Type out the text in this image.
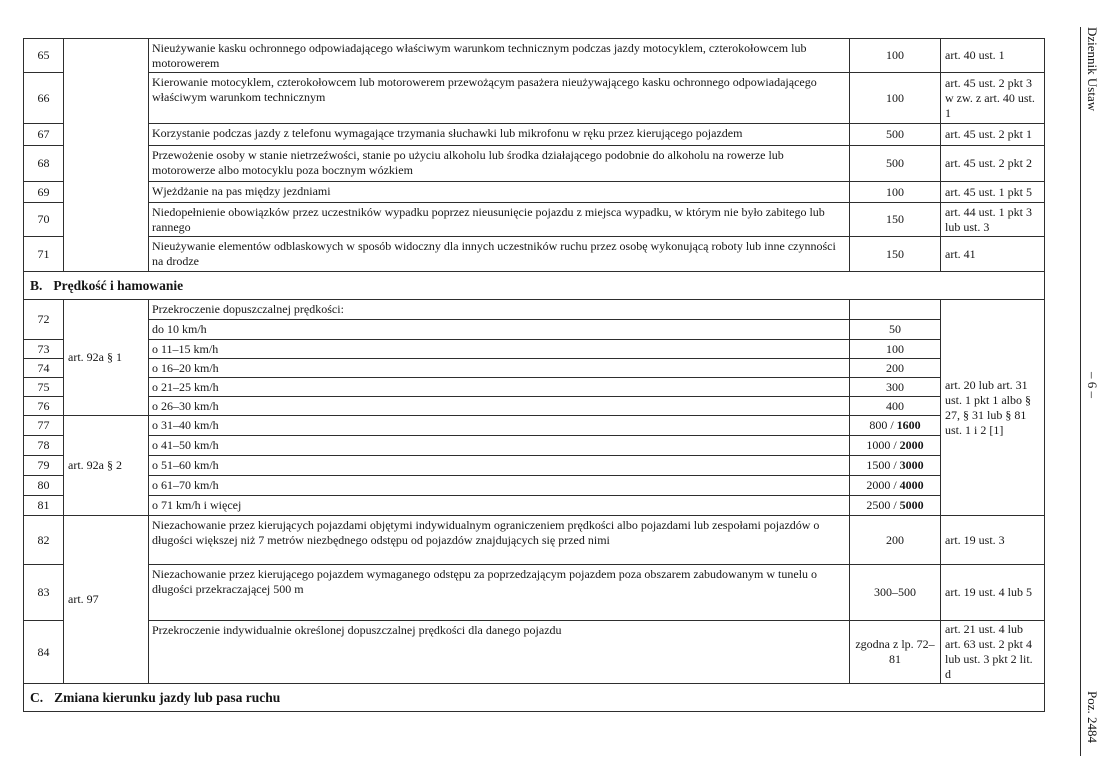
Dziennik Ustaw
– 6 –
Poz. 2484
65		Nieużywanie kasku ochronnego odpowiadającego właściwym warunkom technicznym podczas jazdy motocyklem, czterokołowcem lub motorowerem	100	art. 40 ust. 1
66		Kierowanie motocyklem, czterokołowcem lub motorowerem przewożącym pasażera nieużywającego kasku ochronnego odpowiadającego właściwym warunkom technicznym	100	art. 45 ust. 2 pkt 3 w zw. z art. 40 ust. 1
67		Korzystanie podczas jazdy z telefonu wymagające trzymania słuchawki lub mikrofonu w ręku przez kierującego pojazdem	500	art. 45 ust. 2 pkt 1
68		Przewożenie osoby w stanie nietrzeźwości, stanie po użyciu alkoholu lub środka działającego podobnie do alkoholu na rowerze lub motorowerze albo motocyklu poza bocznym wózkiem	500	art. 45 ust. 2 pkt 2
69		Wjeżdżanie na pas między jezdniami	100	art. 45 ust. 1 pkt 5
70		Niedopełnienie obowiązków przez uczestników wypadku poprzez nieusunięcie pojazdu z miejsca wypadku, w którym nie było zabitego lub rannego	150	art. 44 ust. 1 pkt 3 lub ust. 3
71		Nieużywanie elementów odblaskowych w sposób widoczny dla innych uczestników ruchu przez osobę wykonującą roboty lub inne czynności na drodze	150	art. 41
B. Prędkość i hamowanie				
72	art. 92a § 1	Przekroczenie dopuszczalnej prędkości:		art. 20 lub art. 31 ust. 1 pkt 1 albo § 27, § 31 lub § 81 ust. 1 i 2 [1]
		do 10 km/h	50	
73		o 11–15 km/h	100	
74		o 16–20 km/h	200	
75		o 21–25 km/h	300	
76		o 26–30 km/h	400	
77	art. 92a § 2	o 31–40 km/h	800 / 1600	
78		o 41–50 km/h	1000 / 2000	
79		o 51–60 km/h	1500 / 3000	
80		o 61–70 km/h	2000 / 4000	
81		o 71 km/h i więcej	2500 / 5000	
82	art. 97	Niezachowanie przez kierujących pojazdami objętymi indywidualnym ograniczeniem prędkości albo pojazdami lub zespołami pojazdów o długości większej niż 7 metrów niezbędnego odstępu od pojazdów znajdujących się przed nimi	200	art. 19 ust. 3
83		Niezachowanie przez kierującego pojazdem wymaganego odstępu za poprzedzającym pojazdem poza obszarem zabudowanym w tunelu o długości przekraczającej 500 m	300–500	art. 19 ust. 4 lub 5
84		Przekroczenie indywidualnie określonej dopuszczalnej prędkości dla danego pojazdu	zgodna z lp. 72–81	art. 21 ust. 4 lub art. 63 ust. 2 pkt 4 lub ust. 3 pkt 2 lit. d
C. Zmiana kierunku jazdy lub pasa ruchu				
